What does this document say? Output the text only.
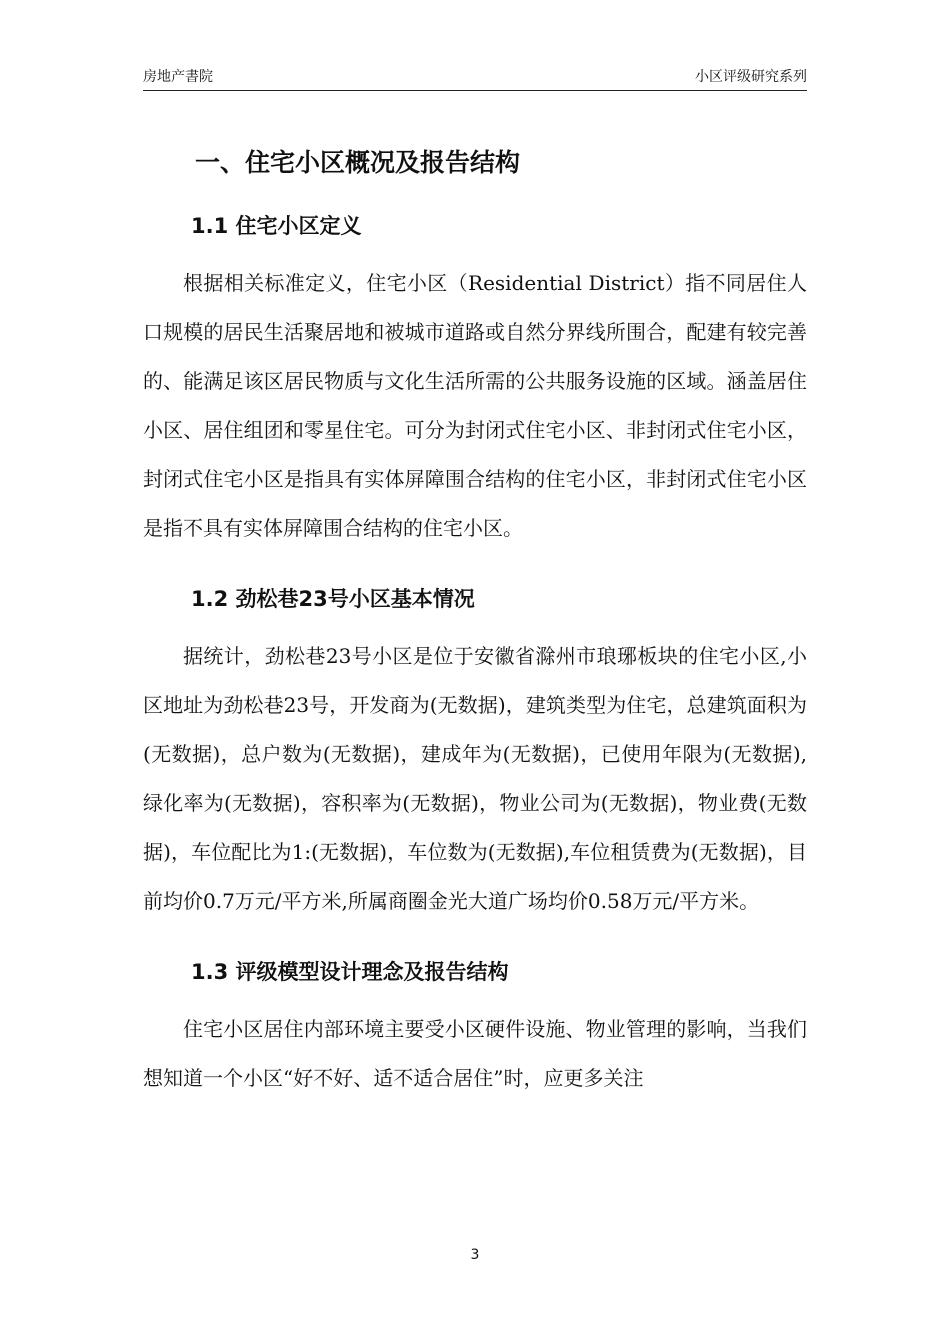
房地产書院	小区评级研究系列
一、住宅小区概况及报告结构
1.1 住宅小区定义

根据相关标准定义，住宅小区（Residential District）指不同居住人口规模的居民生活聚居地和被城市道路或自然分界线所围合，配建有较完善的、能满足该区居民物质与文化生活所需的公共服务设施的区域。涵盖居住小区、居住组团和零星住宅。可分为封闭式住宅小区、非封闭式住宅小区，封闭式住宅小区是指具有实体屏障围合结构的住宅小区，非封闭式住宅小区是指不具有实体屏障围合结构的住宅小区。

1.2 劲松巷23号小区基本情况

据统计，劲松巷23号小区是位于安徽省滁州市琅琊板块的住宅小区,小区地址为劲松巷23号，开发商为(无数据)，建筑类型为住宅，总建筑面积为(无数据)，总户数为(无数据)，建成年为(无数据)，已使用年限为(无数据),绿化率为(无数据)，容积率为(无数据)，物业公司为(无数据)，物业费(无数据)，车位配比为1:(无数据)，车位数为(无数据),车位租赁费为(无数据)，目前均价0.7万元/平方米,所属商圈金光大道广场均价0.58万元/平方米。

1.3 评级模型设计理念及报告结构

住宅小区居住内部环境主要受小区硬件设施、物业管理的影响，当我们想知道一个小区“好不好、适不适合居住”时，应更多关注

3
